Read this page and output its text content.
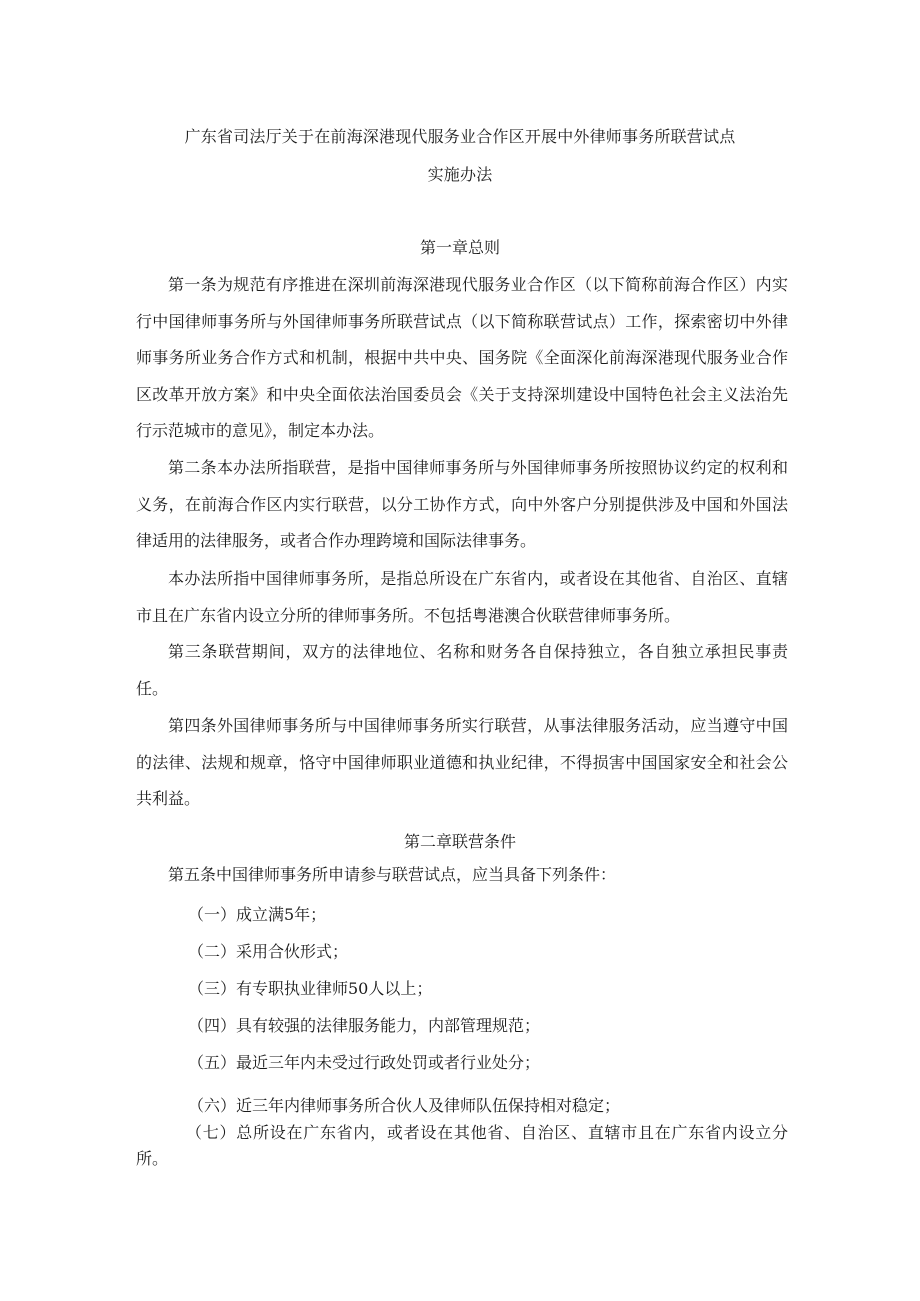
广东省司法厅关于在前海深港现代服务业合作区开展中外律师事务所联营试点
实施办法
第一章总则

第一条为规范有序推进在深圳前海深港现代服务业合作区（以下简称前海合作区）内实行中国律师事务所与外国律师事务所联营试点（以下简称联营试点）工作，探索密切中外律师事务所业务合作方式和机制，根据中共中央、国务院《全面深化前海深港现代服务业合作区改革开放方案》和中央全面依法治国委员会《关于支持深圳建设中国特色社会主义法治先行示范城市的意见》，制定本办法。

第二条本办法所指联营，是指中国律师事务所与外国律师事务所按照协议约定的权利和义务，在前海合作区内实行联营，以分工协作方式，向中外客户分别提供涉及中国和外国法律适用的法律服务，或者合作办理跨境和国际法律事务。

本办法所指中国律师事务所，是指总所设在广东省内，或者设在其他省、自治区、直辖市且在广东省内设立分所的律师事务所。不包括粤港澳合伙联营律师事务所。

第三条联营期间，双方的法律地位、名称和财务各自保持独立，各自独立承担民事责任。

第四条外国律师事务所与中国律师事务所实行联营，从事法律服务活动，应当遵守中国的法律、法规和规章，恪守中国律师职业道德和执业纪律，不得损害中国国家安全和社会公共利益。

第二章联营条件

第五条中国律师事务所申请参与联营试点，应当具备下列条件：

（一）成立满5年；
（二）采用合伙形式；
（三）有专职执业律师50人以上；
（四）具有较强的法律服务能力，内部管理规范；
（五）最近三年内未受过行政处罚或者行业处分；
（六）近三年内律师事务所合伙人及律师队伍保持相对稳定；

（七）总所设在广东省内，或者设在其他省、自治区、直辖市且在广东省内设立分所。
